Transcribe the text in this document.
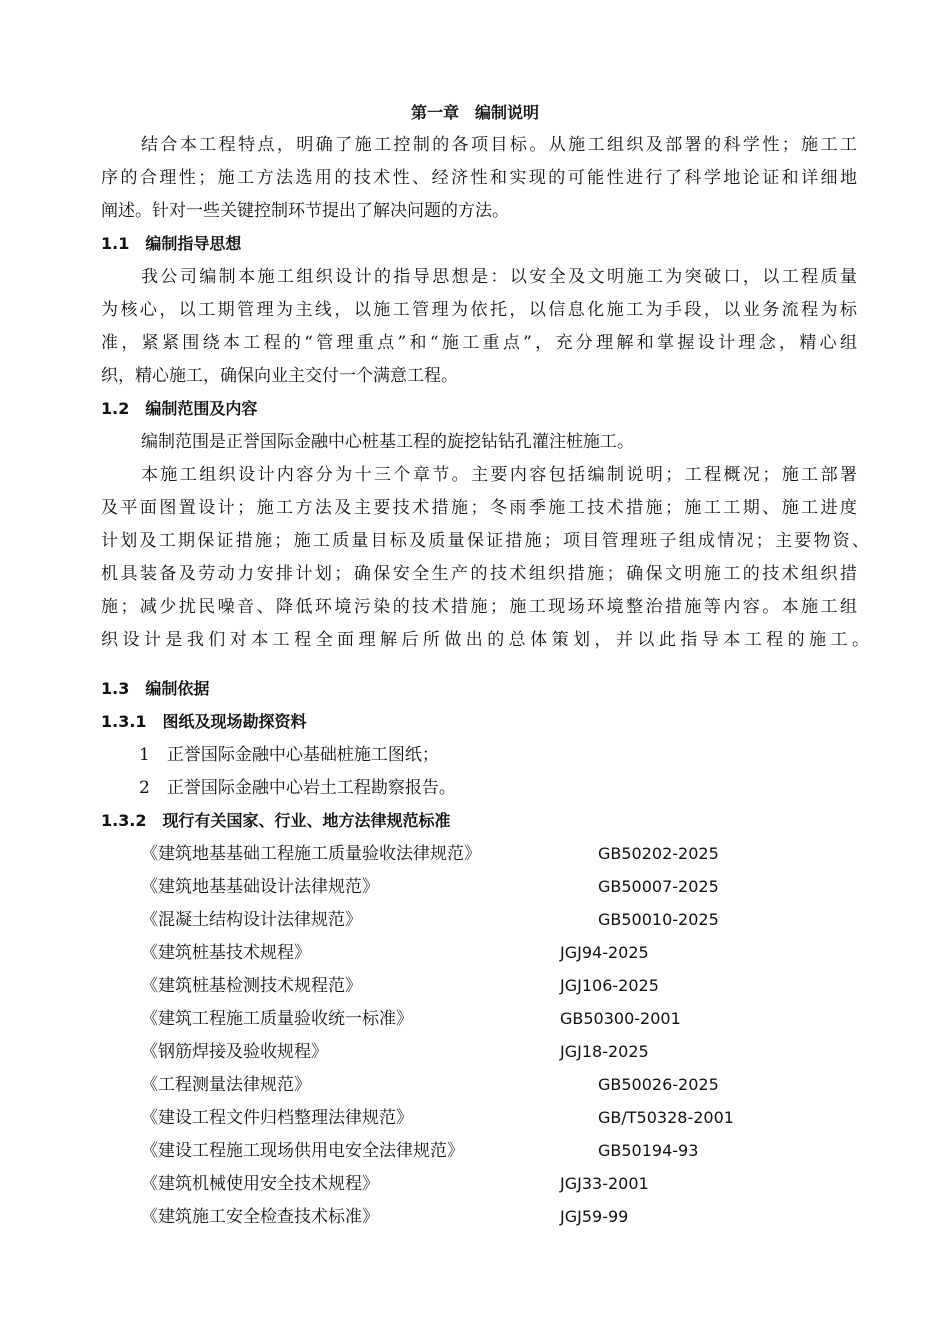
第一章　编制说明
结合本工程特点，明确了施工控制的各项目标。从施工组织及部署的科学性；施工工
序的合理性；施工方法选用的技术性、经济性和实现的可能性进行了科学地论证和详细地
阐述。针对一些关键控制环节提出了解决问题的方法。
1.1　编制指导思想
我公司编制本施工组织设计的指导思想是：以安全及文明施工为突破口，以工程质量
为核心，以工期管理为主线，以施工管理为依托，以信息化施工为手段，以业务流程为标
准，紧紧围绕本工程的“管理重点”和“施工重点”，充分理解和掌握设计理念，精心组
织，精心施工，确保向业主交付一个满意工程。
1.2　编制范围及内容
编制范围是正誉国际金融中心桩基工程的旋挖钻钻孔灌注桩施工。
本施工组织设计内容分为十三个章节。主要内容包括编制说明；工程概况；施工部署
及平面图置设计；施工方法及主要技术措施；冬雨季施工技术措施；施工工期、施工进度
计划及工期保证措施；施工质量目标及质量保证措施；项目管理班子组成情况；主要物资、
机具装备及劳动力安排计划；确保安全生产的技术组织措施；确保文明施工的技术组织措
施；减少扰民噪音、降低环境污染的技术措施；施工现场环境整治措施等内容。本施工组
织设计是我们对本工程全面理解后所做出的总体策划，并以此指导本工程的施工。
1.3　编制依据
1.3.1　图纸及现场勘探资料
1　正誉国际金融中心基础桩施工图纸；
2　正誉国际金融中心岩土工程勘察报告。
1.3.2　现行有关国家、行业、地方法律规范标准
《建筑地基基础工程施工质量验收法律规范》	GB50202-2025
《建筑地基基础设计法律规范》	GB50007-2025
《混凝土结构设计法律规范》	GB50010-2025
《建筑桩基技术规程》	JGJ94-2025
《建筑桩基检测技术规程范》	JGJ106-2025
《建筑工程施工质量验收统一标准》	GB50300-2001
《钢筋焊接及验收规程》	JGJ18-2025
《工程测量法律规范》	GB50026-2025
《建设工程文件归档整理法律规范》	GB/T50328-2001
《建设工程施工现场供用电安全法律规范》	GB50194-93
《建筑机械使用安全技术规程》	JGJ33-2001
《建筑施工安全检查技术标准》	JGJ59-99
